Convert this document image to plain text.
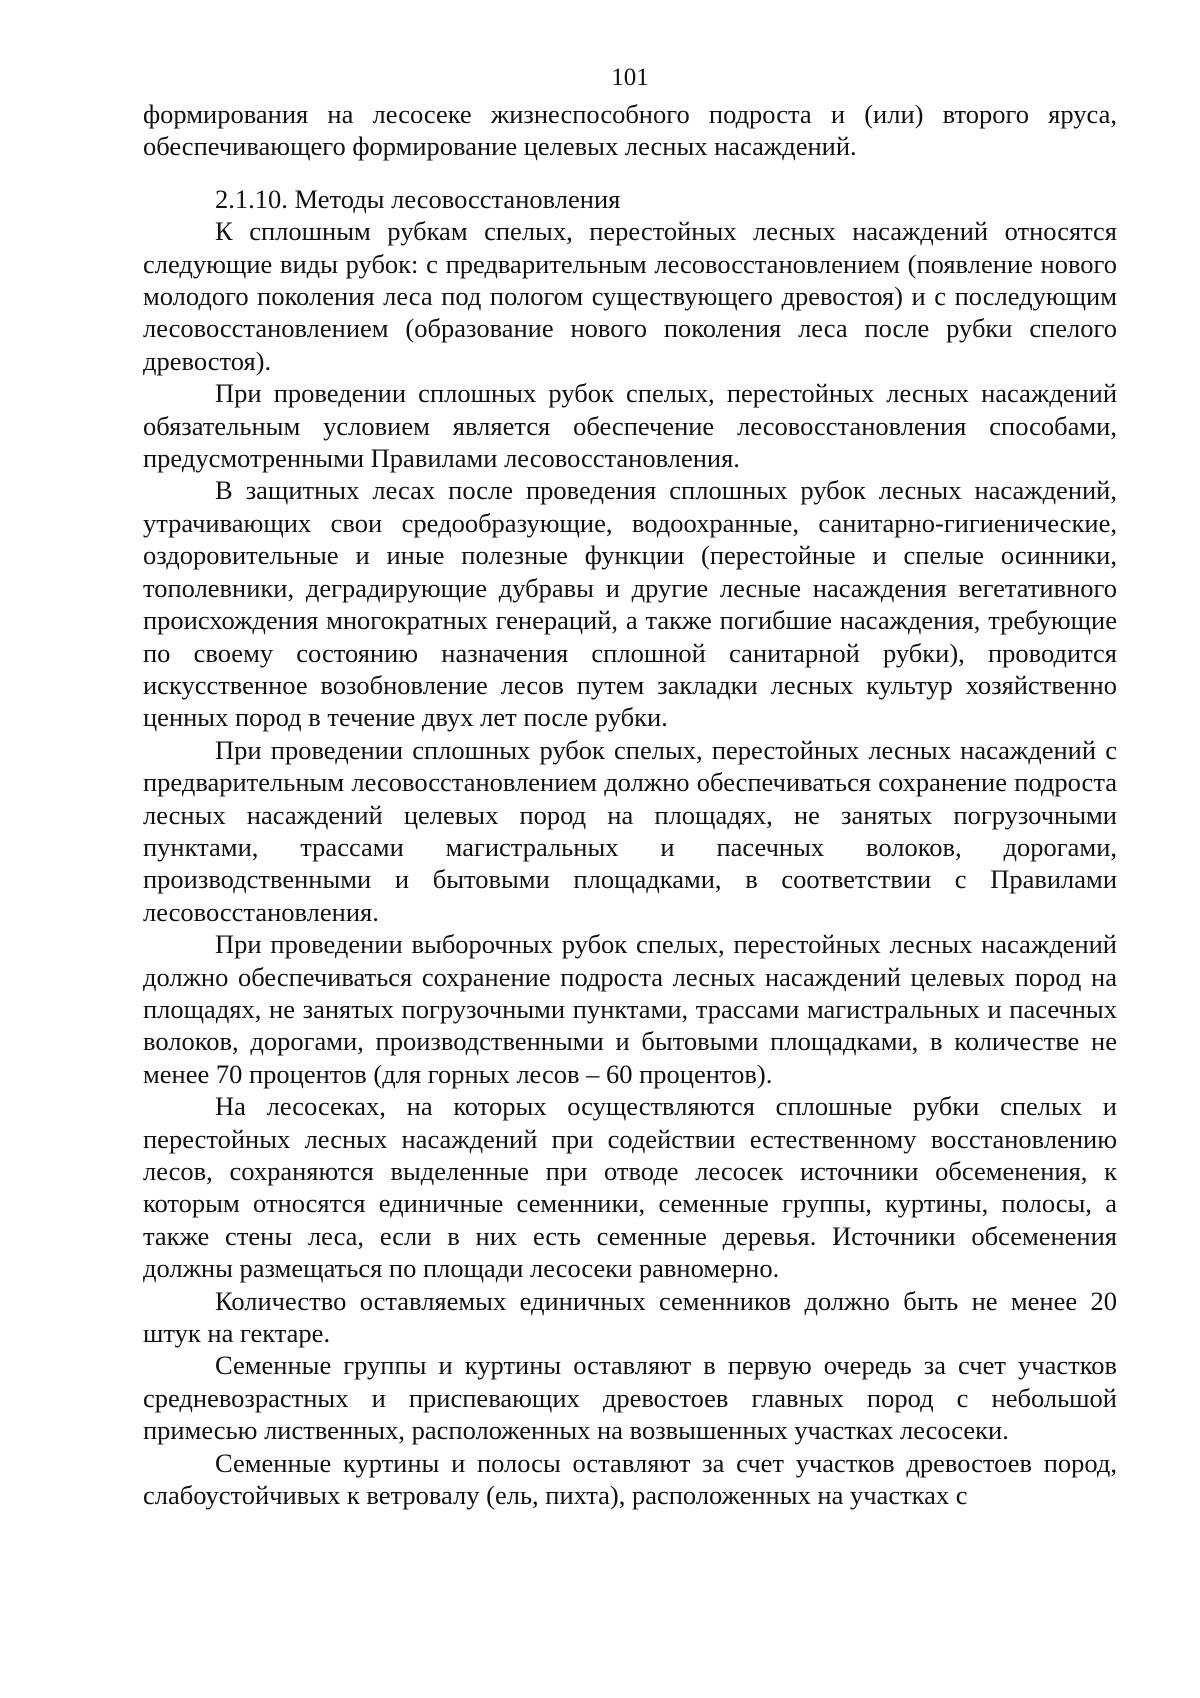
101

формирования на лесосеке жизнеспособного подроста и (или) второго яруса, обеспечивающего формирование целевых лесных насаждений.

2.1.10. Методы лесовосстановления

К сплошным рубкам спелых, перестойных лесных насаждений относятся следующие виды рубок: с предварительным лесовосстановлением (появление нового молодого поколения леса под пологом существующего древостоя) и с последующим лесовосстановлением (образование нового поколения леса после рубки спелого древостоя).

При проведении сплошных рубок спелых, перестойных лесных насаждений обязательным условием является обеспечение лесовосстановления способами, предусмотренными Правилами лесовосстановления.

В защитных лесах после проведения сплошных рубок лесных насаждений, утрачивающих свои средообразующие, водоохранные, санитарно-гигиенические, оздоровительные и иные полезные функции (перестойные и спелые осинники, тополевники, деградирующие дубравы и другие лесные насаждения вегетативного происхождения многократных генераций, а также погибшие насаждения, требующие по своему состоянию назначения сплошной санитарной рубки), проводится искусственное возобновление лесов путем закладки лесных культур хозяйственно ценных пород в течение двух лет после рубки.

При проведении сплошных рубок спелых, перестойных лесных насаждений с предварительным лесовосстановлением должно обеспечиваться сохранение подроста лесных насаждений целевых пород на площадях, не занятых погрузочными пунктами, трассами магистральных и пасечных волоков, дорогами, производственными и бытовыми площадками, в соответствии с Правилами лесовосстановления.

При проведении выборочных рубок спелых, перестойных лесных насаждений должно обеспечиваться сохранение подроста лесных насаждений целевых пород на площадях, не занятых погрузочными пунктами, трассами магистральных и пасечных волоков, дорогами, производственными и бытовыми площадками, в количестве не менее 70 процентов (для горных лесов – 60 процентов).

На лесосеках, на которых осуществляются сплошные рубки спелых и перестойных лесных насаждений при содействии естественному восстановлению лесов, сохраняются выделенные при отводе лесосек источники обсеменения, к которым относятся единичные семенники, семенные группы, куртины, полосы, а также стены леса, если в них есть семенные деревья. Источники обсеменения должны размещаться по площади лесосеки равномерно.

Количество оставляемых единичных семенников должно быть не менее 20 штук на гектаре.

Семенные группы и куртины оставляют в первую очередь за счет участков средневозрастных и приспевающих древостоев главных пород с небольшой примесью лиственных, расположенных на возвышенных участках лесосеки.

Семенные куртины и полосы оставляют за счет участков древостоев пород, слабоустойчивых к ветровалу (ель, пихта), расположенных на участках с
